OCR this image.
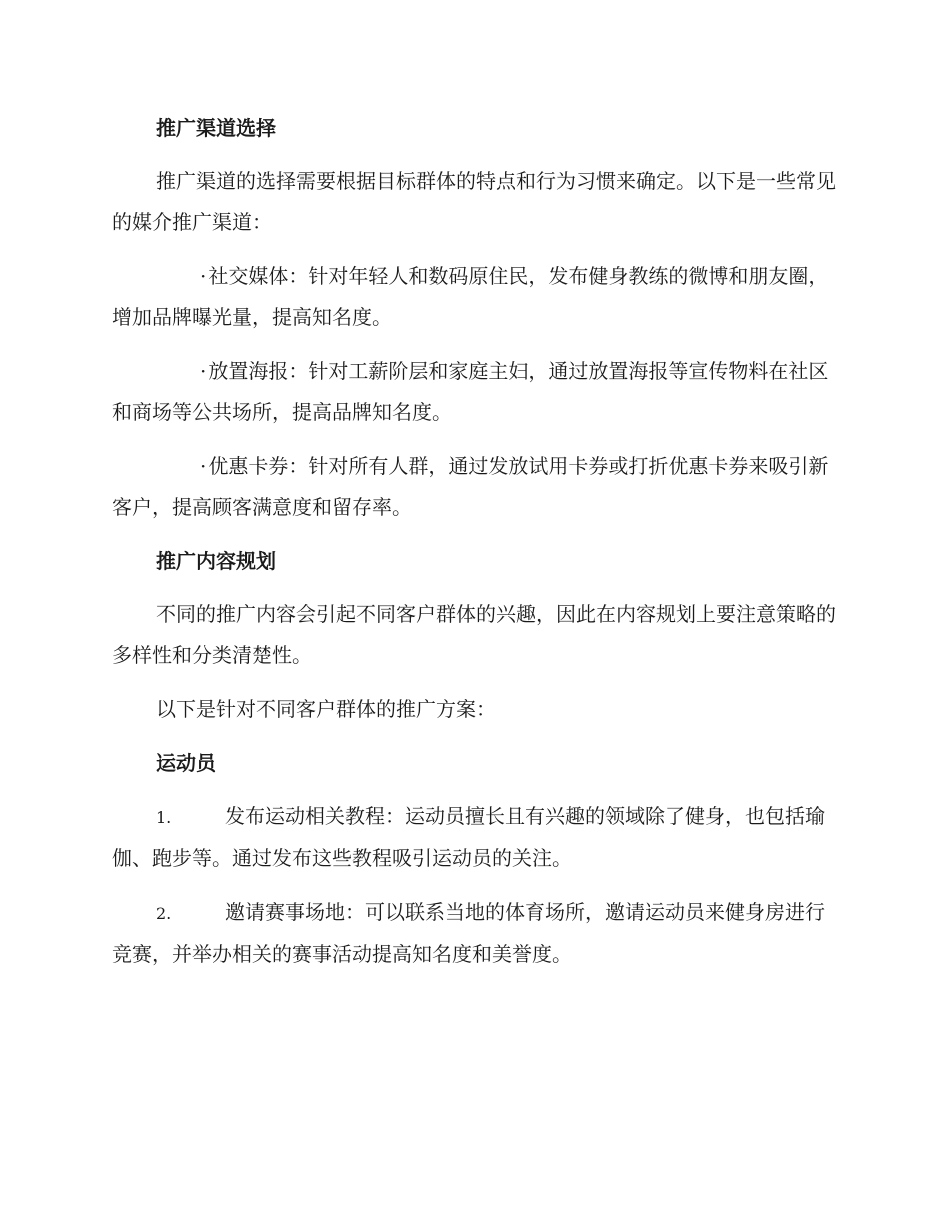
推广渠道选择

推广渠道的选择需要根据目标群体的特点和行为习惯来确定。以下是一些常见的媒介推广渠道：

· 社交媒体：针对年轻人和数码原住民，发布健身教练的微博和朋友圈，增加品牌曝光量，提高知名度。

· 放置海报：针对工薪阶层和家庭主妇，通过放置海报等宣传物料在社区和商场等公共场所，提高品牌知名度。

· 优惠卡券：针对所有人群，通过发放试用卡券或打折优惠卡券来吸引新客户，提高顾客满意度和留存率。

推广内容规划

不同的推广内容会引起不同客户群体的兴趣，因此在内容规划上要注意策略的多样性和分类清楚性。

以下是针对不同客户群体的推广方案：

运动员

1.	发布运动相关教程：运动员擅长且有兴趣的领域除了健身，也包括瑜伽、跑步等。通过发布这些教程吸引运动员的关注。

2.	邀请赛事场地：可以联系当地的体育场所，邀请运动员来健身房进行竞赛，并举办相关的赛事活动提高知名度和美誉度。
